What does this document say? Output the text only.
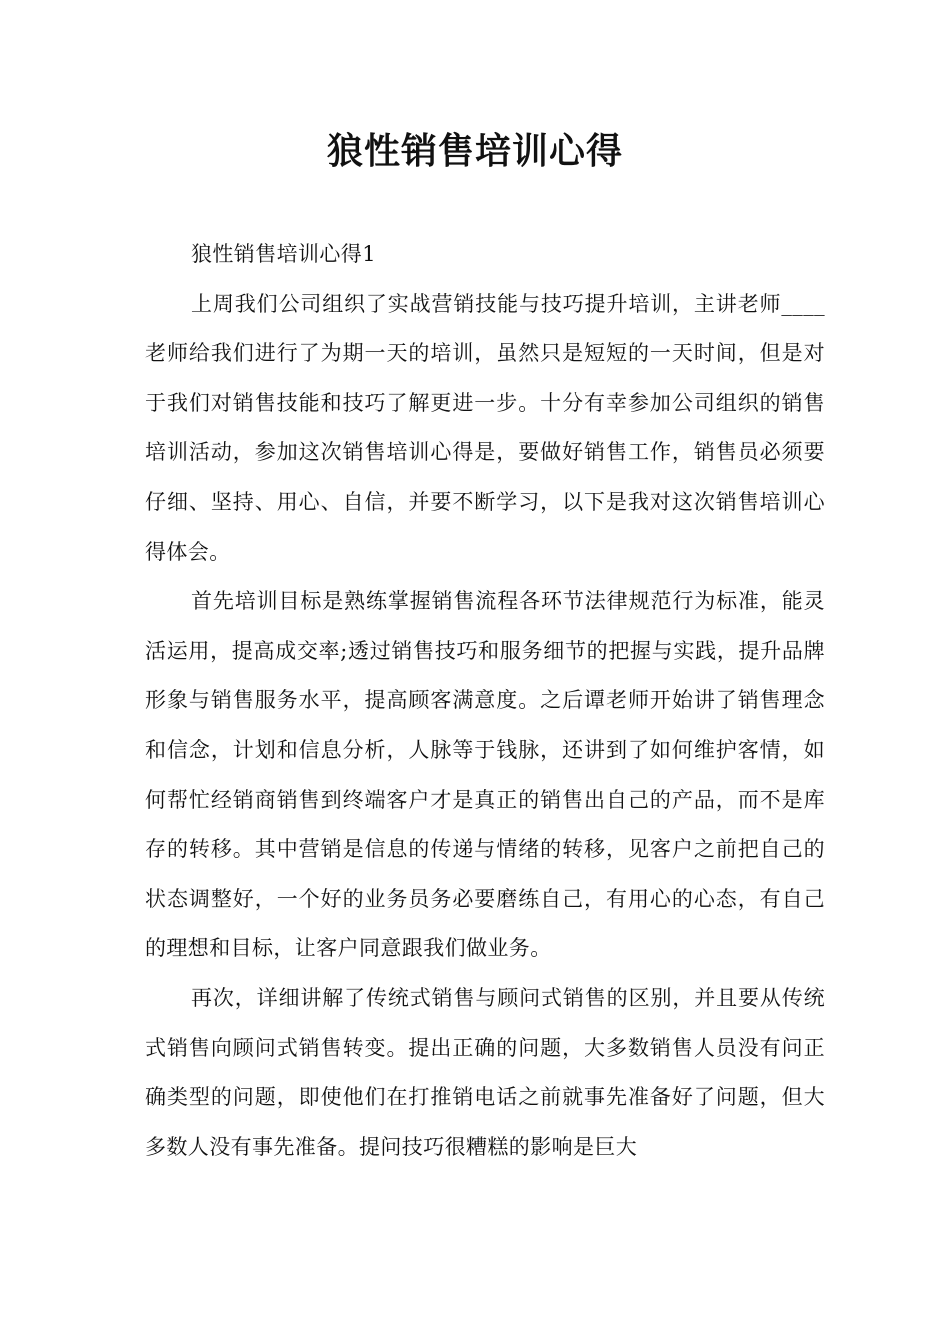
狼性销售培训心得

狼性销售培训心得1

上周我们公司组织了实战营销技能与技巧提升培训，主讲老师____老师给我们进行了为期一天的培训，虽然只是短短的一天时间，但是对于我们对销售技能和技巧了解更进一步。十分有幸参加公司组织的销售培训活动，参加这次销售培训心得是，要做好销售工作，销售员必须要仔细、坚持、用心、自信，并要不断学习，以下是我对这次销售培训心得体会。

首先培训目标是熟练掌握销售流程各环节法律规范行为标准，能灵活运用，提高成交率;透过销售技巧和服务细节的把握与实践，提升品牌形象与销售服务水平，提高顾客满意度。之后谭老师开始讲了销售理念和信念，计划和信息分析，人脉等于钱脉，还讲到了如何维护客情，如何帮忙经销商销售到终端客户才是真正的销售出自己的产品，而不是库存的转移。其中营销是信息的传递与情绪的转移，见客户之前把自己的状态调整好，一个好的业务员务必要磨练自己，有用心的心态，有自己的理想和目标，让客户同意跟我们做业务。

再次，详细讲解了传统式销售与顾问式销售的区别，并且要从传统式销售向顾问式销售转变。提出正确的问题，大多数销售人员没有问正确类型的问题，即使他们在打推销电话之前就事先准备好了问题，但大多数人没有事先准备。提问技巧很糟糕的影响是巨大
